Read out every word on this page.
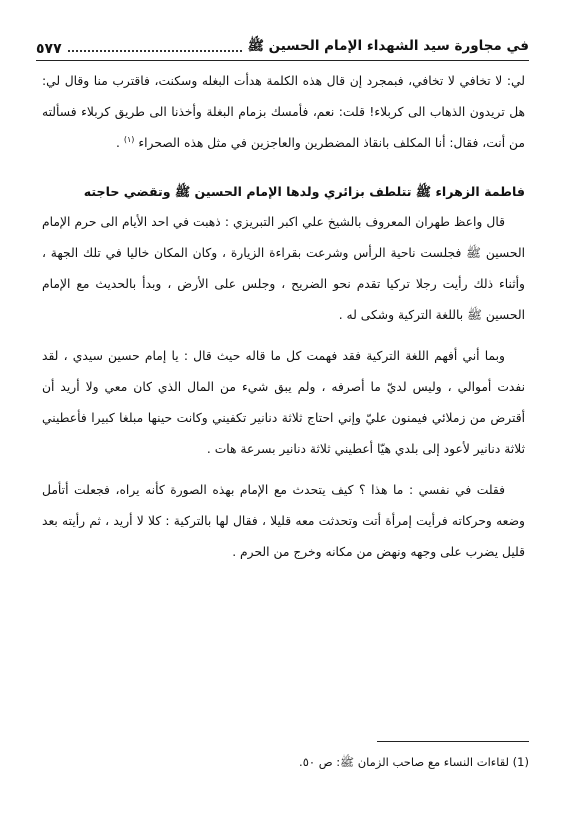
في مجاورة سيد الشهداء الإمام الحسين ﷺ
٥٧٧

لي: لا تخافي لا تخافي، فبمجرد إن قال هذه الكلمة هدأت البغله وسكنت، فاقترب منا وقال لي: هل تريدون الذهاب الى كربلاء! قلت: نعم، فأمسك بزمام البغلة وأخذنا الى طريق كربلاء فسألته من أنت، فقال: أنا المكلف بانقاذ المضطرين والعاجزين في مثل هذه الصحراء $^{(١)}$ .

فاطمة الزهراء ﷺ تتلطف بزائري ولدها الإمام الحسين ﷺ وتقضي حاجته

قال واعظ طهران المعروف بالشيخ علي اكبر التبريزي : ذهبت في احد الأيام الى حرم الإمام الحسين ﷺ فجلست ناحية الرأس وشرعت بقراءة الزيارة ، وكان المكان خاليا في تلك الجهة ، وأثناء ذلك رأيت رجلا تركيا تقدم نحو الضريح ، وجلس على الأرض ، وبدأ بالحديث مع الإمام الحسين ﷺ باللغة التركية وشكى له .

وبما أني أفهم اللغة التركية فقد فهمت كل ما قاله حيث قال : يا إمام حسين سيدي ، لقد نفدت أموالي ، وليس لديّ ما أصرفه ، ولم يبق شيء من المال الذي كان معي ولا أريد أن أقترض من زملائي فيمنون عليّ وإني احتاج ثلاثة دنانير تكفيني وكانت حينها مبلغا كبيرا فأعطيني ثلاثة دنانير لأعود إلى بلدي هيّا أعطيني ثلاثة دنانير بسرعة هات .

فقلت في نفسي : ما هذا ؟ كيف يتحدث مع الإمام بهذه الصورة كأنه يراه، فجعلت أتأمل وضعه وحركاته فرأيت إمرأة أتت وتحدثت معه قليلا ، فقال لها بالتركية : كلا لا أريد ، ثم رأيته بعد قليل يضرب على وجهه ونهض من مكانه وخرج من الحرم .

(1) لقاءات النساء مع صاحب الزمان ﷺ: ص ٥٠.
